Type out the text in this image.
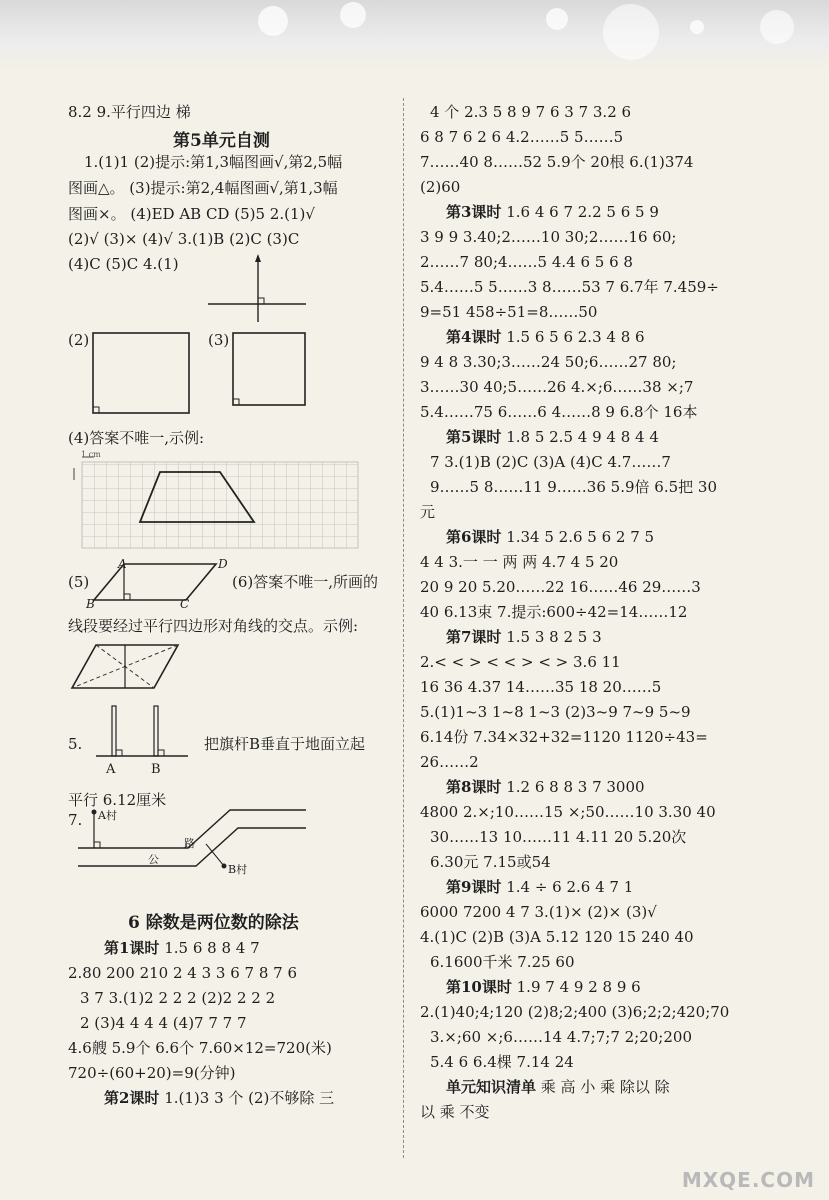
8.2 9.平行四边 梯
第5单元自测
1.(1)1 (2)提示:第1,3幅图画√,第2,5幅
图画△。 (3)提示:第2,4幅图画√,第1,3幅
图画×。 (4)ED AB CD (5)5 2.(1)√
(2)√ (3)× (4)√ 3.(1)B (2)C (3)C
(4)C (5)C 4.(1)
(2)	(3)
(4)答案不唯一,示例:
1 cm
(5)
A	D
B	C
(6)答案不唯一,所画的
线段要经过平行四边形对角线的交点。示例:
5.
A	B
把旗杆B垂直于地面立起
平行 6.12厘米
7. A村
B村
路
公
6 除数是两位数的除法
第1课时 1.5 6 8 8 4 7
2.80 200 210 2 4 3 3 6 7 8 7 6
3 7 3.(1)2 2 2 2 (2)2 2 2 2
2 (3)4 4 4 4 (4)7 7 7 7
4.6艘 5.9个 6.6个 7.60×12=720(米)
720÷(60+20)=9(分钟)
第2课时 1.(1)3 3 个 (2)不够除 三
4 个 2.3 5 8 9 7 6 3 7 3.2 6
6 8 7 6 2 6 4.2……5 5……5
7……40 8……52 5.9个 20根 6.(1)374
(2)60
第3课时 1.6 4 6 7 2.2 5 6 5 9
3 9 9 3.40;2……10 30;2……16 60;
2……7 80;4……5 4.4 6 5 6 8
5.4……5 5……3 8……53 7 6.7年 7.459÷
9=51 458÷51=8……50
第4课时 1.5 6 5 6 2.3 4 8 6
9 4 8 3.30;3……24 50;6……27 80;
3……30 40;5……26 4.×;6……38 ×;7
5.4……75 6……6 4……8 9 6.8个 16本
第5课时 1.8 5 2.5 4 9 4 8 4 4
7 3.(1)B (2)C (3)A (4)C 4.7……7
9……5 8……11 9……36 5.9倍 6.5把 30
元
第6课时 1.34 5 2.6 5 6 2 7 5
4 4 3.一 一 两 两 4.7 4 5 20
20 9 20 5.20……22 16……46 29……3
40 6.13束 7.提示:600÷42=14……12
第7课时 1.5 3 8 2 5 3
2.< < > < < > < > 3.6 11
16 36 4.37 14……35 18 20……5
5.(1)1~3 1~8 1~3 (2)3~9 7~9 5~9
6.14份 7.34×32+32=1120 1120÷43=
26……2
第8课时 1.2 6 8 8 3 7 3000
4800 2.×;10……15 ×;50……10 3.30 40
30……13 10……11 4.11 20 5.20次
6.30元 7.15或54
第9课时 1.4 ÷ 6 2.6 4 7 1
6000 7200 4 7 3.(1)× (2)× (3)√
4.(1)C (2)B (3)A 5.12 120 15 240 40
6.1600千米 7.25 60
第10课时 1.9 7 4 9 2 8 9 6
2.(1)40;4;120 (2)8;2;400 (3)6;2;2;420;70
3.×;60 ×;6……14 4.7;7;7 2;20;200
5.4 6 6.4棵 7.14 24
单元知识清单 乘 高 小 乘 除以 除
以 乘 不变
MXQE.COM
